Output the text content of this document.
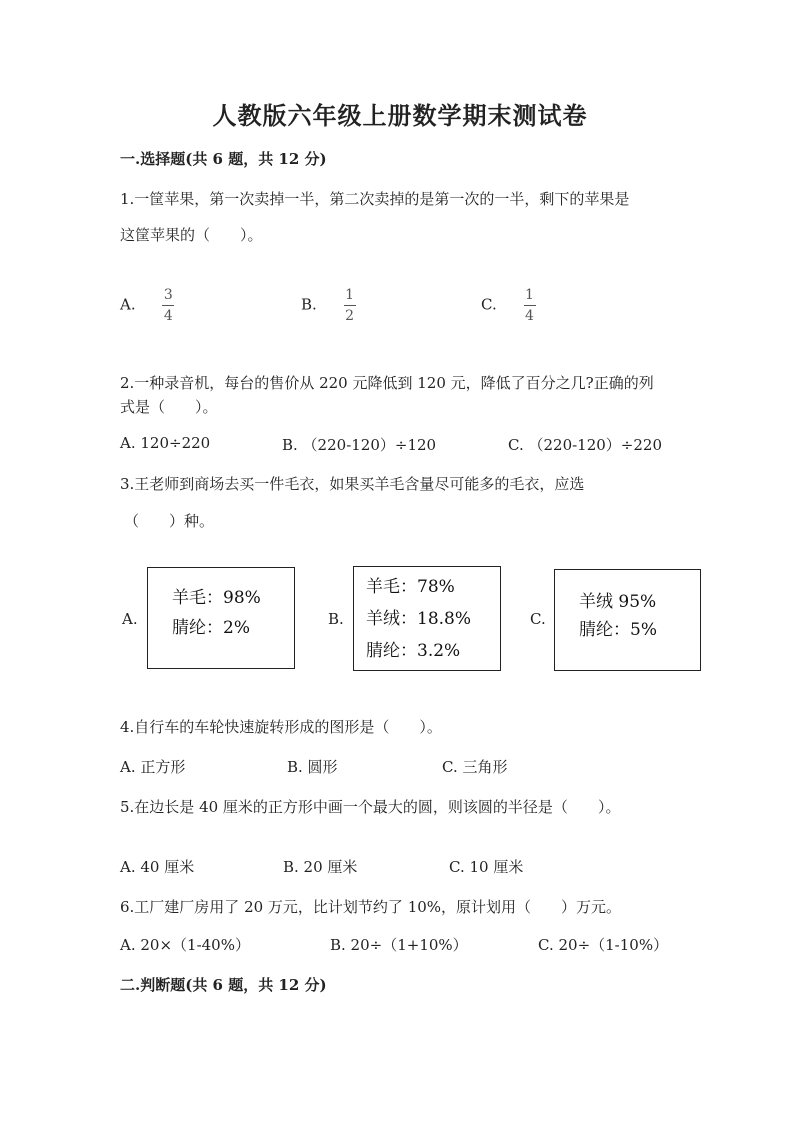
人教版六年级上册数学期末测试卷
一.选择题(共 6 题，共 12 分)
1.一筐苹果，第一次卖掉一半，第二次卖掉的是第一次的一半，剩下的苹果是
这筐苹果的（　　）。
A. $\frac{3}{4}$	B. $\frac{1}{2}$	C. $\frac{1}{4}$
2.一种录音机，每台的售价从 220 元降低到 120 元，降低了百分之几?正确的列
式是（　　）。
A. 120÷220	B. （220-120）÷120	C. （220-120）÷220
3.王老师到商场去买一件毛衣，如果买羊毛含量尽可能多的毛衣，应选
（　　）种。
A.
羊毛：98%
腈纶：2%	B.
羊毛：78%
羊绒：18.8%
腈纶：3.2%
C.
羊绒 95%
腈纶：5%
4.自行车的车轮快速旋转形成的图形是（　　）。
A. 正方形	B. 圆形	C. 三角形
5.在边长是 40 厘米的正方形中画一个最大的圆，则该圆的半径是（　　）。
A. 40 厘米	B. 20 厘米	C. 10 厘米
6.工厂建厂房用了 20 万元，比计划节约了 10%，原计划用（　　）万元。
A. 20×（1-40%）	B. 20÷（1+10%）	C. 20÷（1-10%）
二.判断题(共 6 题，共 12 分)
